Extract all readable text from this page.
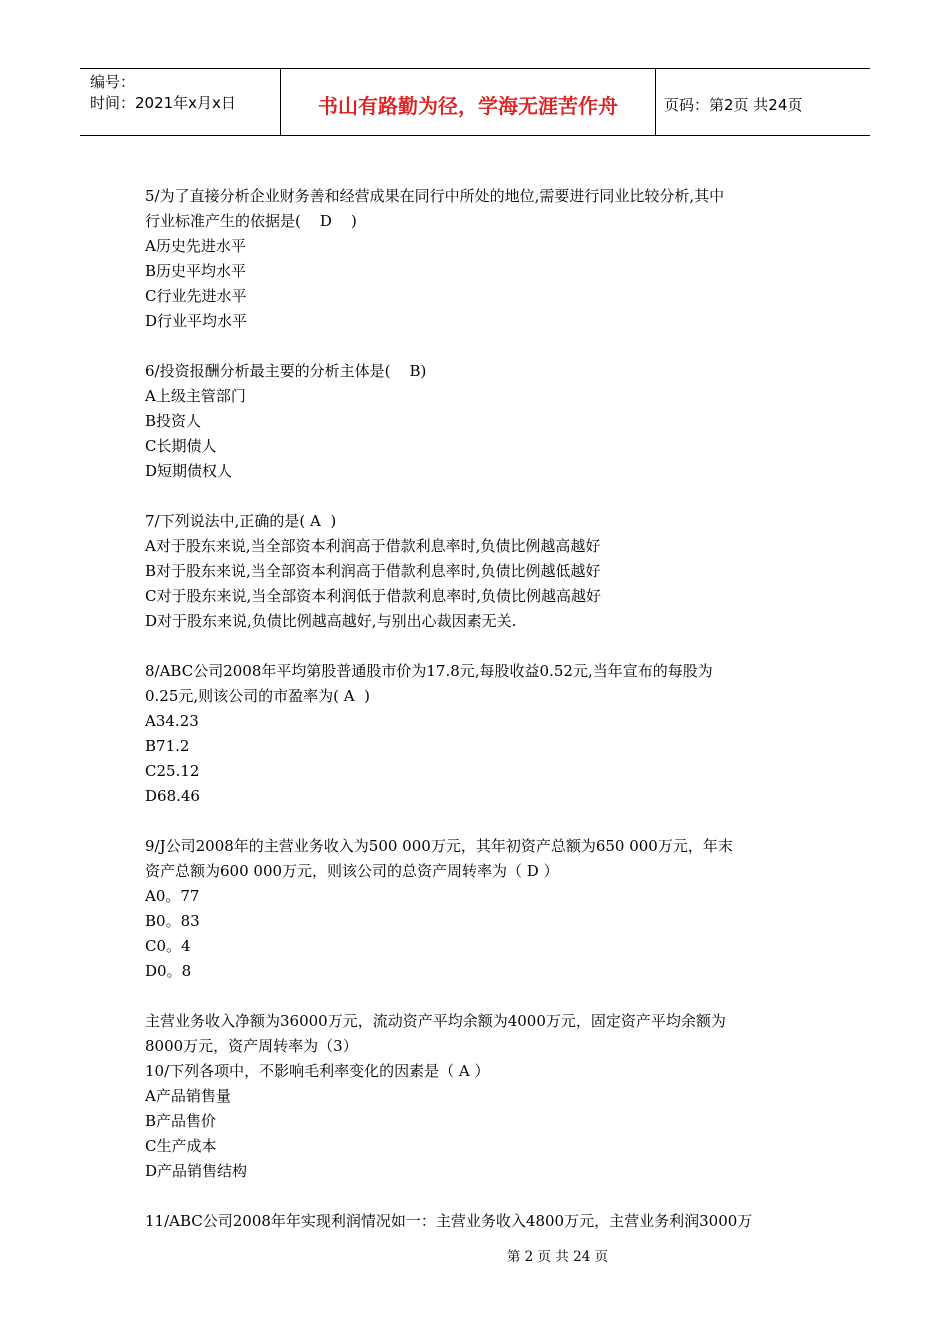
编号：
时间：2021年x月x日	书山有路勤为径，学海无涯苦作舟	页码：第2页 共24页
5/为了直接分析企业财务善和经营成果在同行中所处的地位,需要进行同业比较分析,其中
行业标准产生的依据是(    D    )
A历史先进水平
B历史平均水平
C行业先进水平
D行业平均水平
6/投资报酬分析最主要的分析主体是(    B)
A上级主管部门
B投资人
C长期债人
D短期债权人
7/下列说法中,正确的是( A  )
A对于股东来说,当全部资本利润高于借款利息率时,负债比例越高越好
B对于股东来说,当全部资本利润高于借款利息率时,负债比例越低越好
C对于股东来说,当全部资本利润低于借款利息率时,负债比例越高越好
D对于股东来说,负债比例越高越好,与别出心裁因素无关.
8/ABC公司2008年平均第股普通股市价为17.8元,每股收益0.52元,当年宣布的每股为
0.25元,则该公司的市盈率为( A  )
A34.23
B71.2
C25.12
D68.46
9/J公司2008年的主营业务收入为500 000万元，其年初资产总额为650 000万元，年末
资产总额为600 000万元，则该公司的总资产周转率为（ D ）
A0。77
B0。83
C0。4
D0。8
主营业务收入净额为36000万元，流动资产平均余额为4000万元，固定资产平均余额为
8000万元，资产周转率为（3）
10/下列各项中，不影响毛利率变化的因素是（ A ）
A产品销售量
B产品售价
C生产成本
D产品销售结构
11/ABC公司2008年年实现利润情况如一：主营业务收入4800万元，主营业务利润3000万
第 2 页 共 24 页
